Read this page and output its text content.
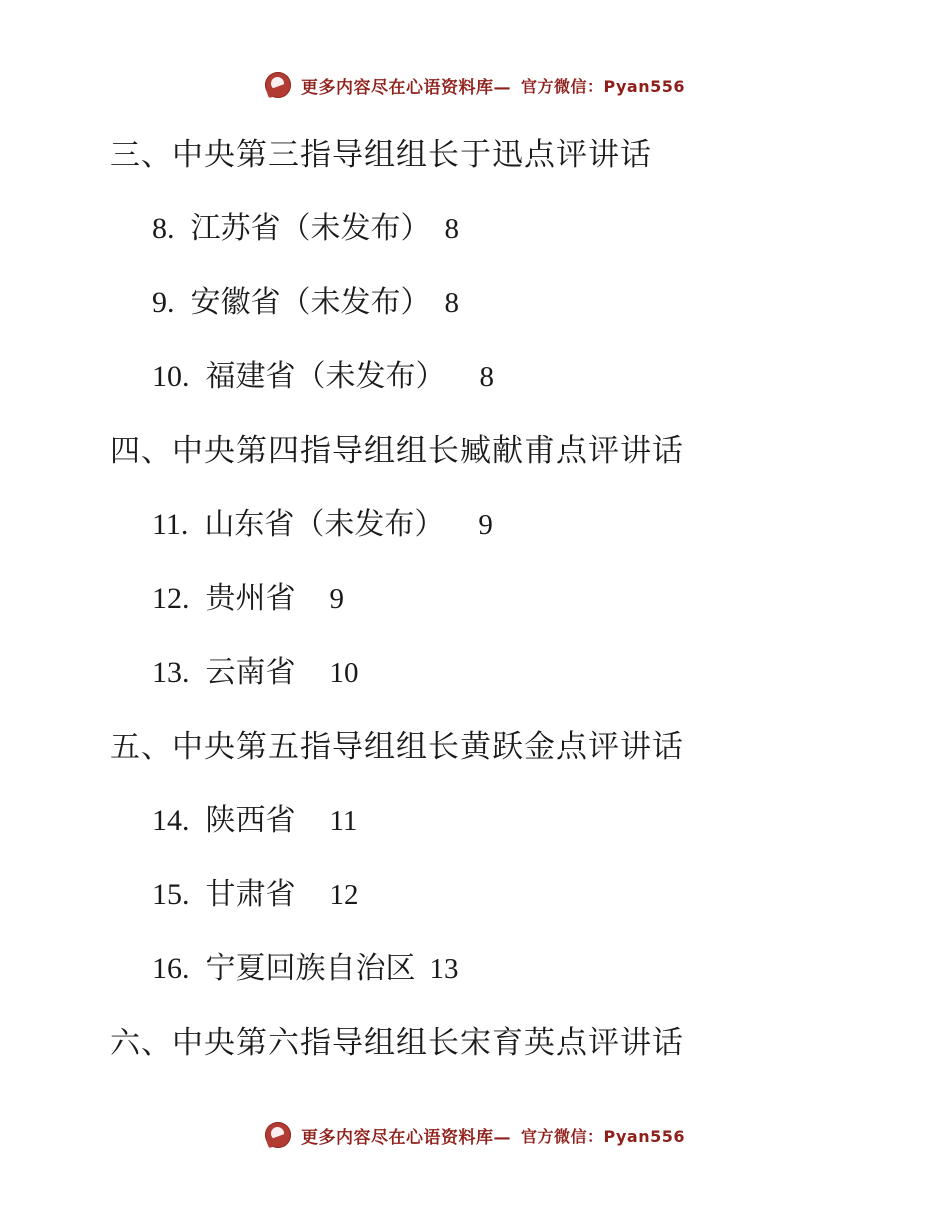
更多内容尽在心语资料库— 官方微信：Pyan556
三、 中央第三指导组组长于迅点评讲话
8. 江苏省（未发布） 8
9. 安徽省（未发布） 8
10. 福建省（未发布） 8
四、 中央第四指导组组长臧献甫点评讲话
11. 山东省（未发布） 9
12. 贵州省 9
13. 云南省 10
五、 中央第五指导组组长黄跃金点评讲话
14. 陕西省 11
15. 甘肃省 12
16. 宁夏回族自治区 13
六、 中央第六指导组组长宋育英点评讲话
更多内容尽在心语资料库— 官方微信：Pyan556
